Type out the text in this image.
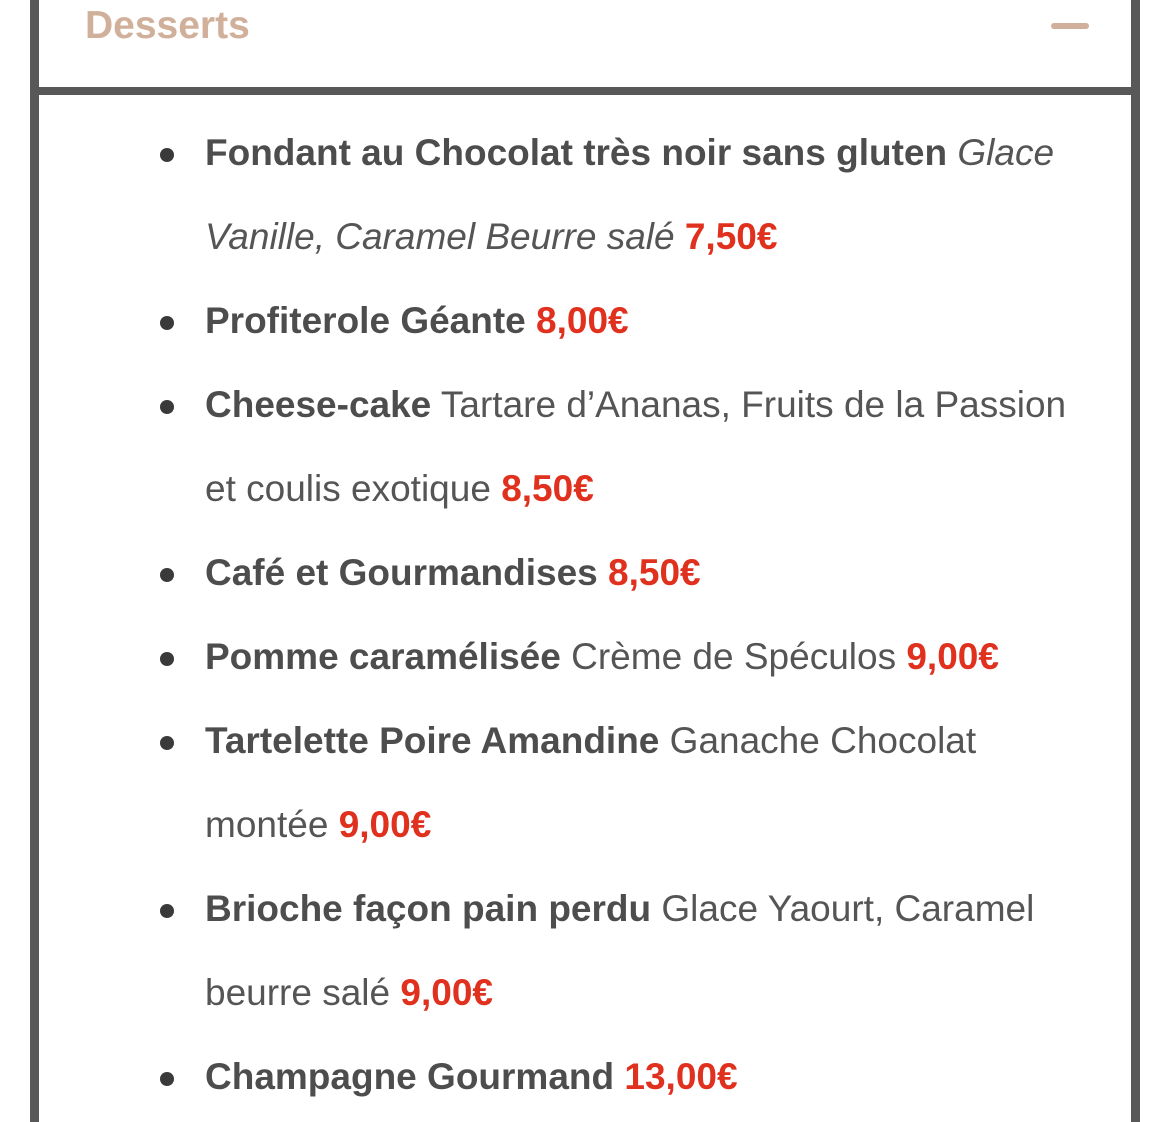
Desserts
Fondant au Chocolat très noir sans gluten Glace Vanille, Caramel Beurre salé 7,50€
Profiterole Géante 8,00€
Cheese-cake Tartare d’Ananas, Fruits de la Passion et coulis exotique 8,50€
Café et Gourmandises 8,50€
Pomme caramélisée Crème de Spéculos 9,00€
Tartelette Poire Amandine Ganache Chocolat montée 9,00€
Brioche façon pain perdu Glace Yaourt, Caramel beurre salé 9,00€
Champagne Gourmand 13,00€
